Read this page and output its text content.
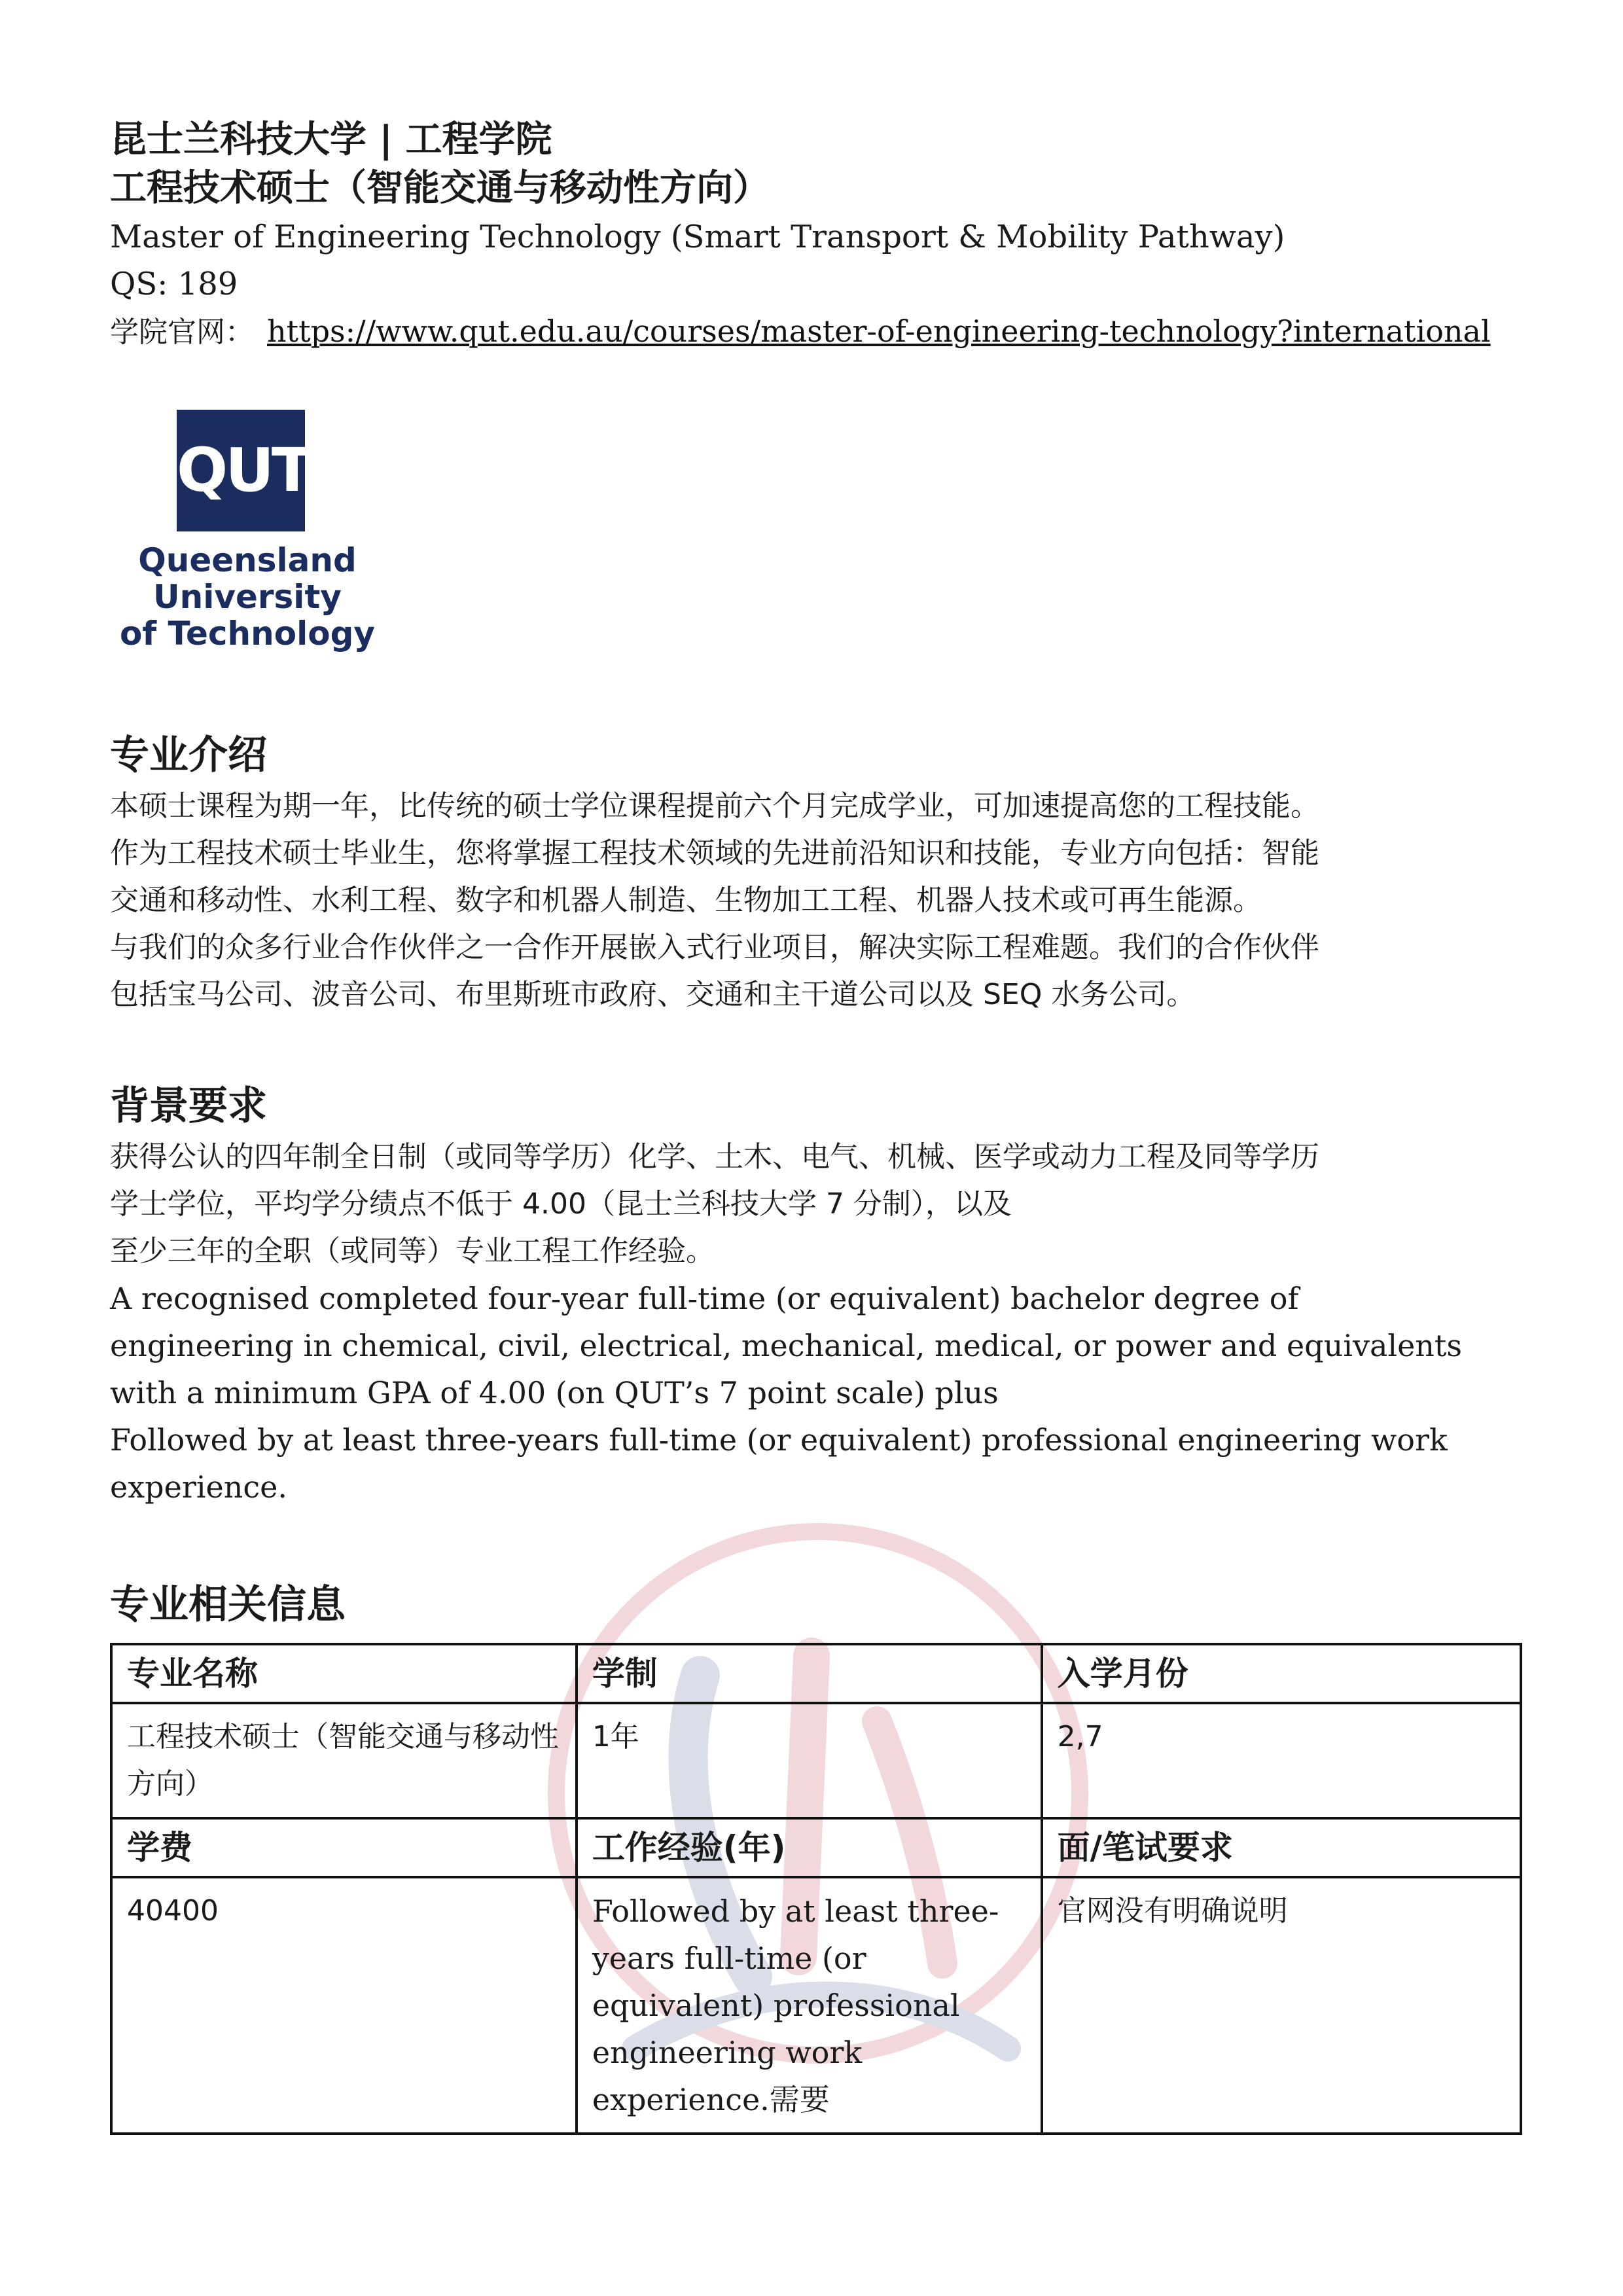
昆士兰科技大学 | 工程学院

工程技术硕士（智能交通与移动性方向）

Master of Engineering Technology (Smart Transport & Mobility Pathway)

QS: 189

学院官网： https://www.qut.edu.au/courses/master-of-engineering-technology?international

QUT
Queensland
University
of Technology

专业介绍

本硕士课程为期一年，比传统的硕士学位课程提前六个月完成学业，可加速提高您的工程技能。

作为工程技术硕士毕业生，您将掌握工程技术领域的先进前沿知识和技能，专业方向包括：智能

交通和移动性、水利工程、数字和机器人制造、生物加工工程、机器人技术或可再生能源。

与我们的众多行业合作伙伴之一合作开展嵌入式行业项目，解决实际工程难题。我们的合作伙伴

包括宝马公司、波音公司、布里斯班市政府、交通和主干道公司以及 SEQ 水务公司。

背景要求

获得公认的四年制全日制（或同等学历）化学、土木、电气、机械、医学或动力工程及同等学历

学士学位，平均学分绩点不低于 4.00（昆士兰科技大学 7 分制），以及

至少三年的全职（或同等）专业工程工作经验。

A recognised completed four-year full-time (or equivalent) bachelor degree of

engineering in chemical, civil, electrical, mechanical, medical, or power and equivalents

with a minimum GPA of 4.00 (on QUT’s 7 point scale) plus

Followed by at least three-years full-time (or equivalent) professional engineering work

experience.

专业相关信息

专业名称	学制	入学月份
工程技术硕士（智能交通与移动性方向）	1年	2,7
学费	工作经验(年)	面/笔试要求
40400	Followed by at least three-years full-time (or equivalent) professional engineering work experience.需要	官网没有明确说明
